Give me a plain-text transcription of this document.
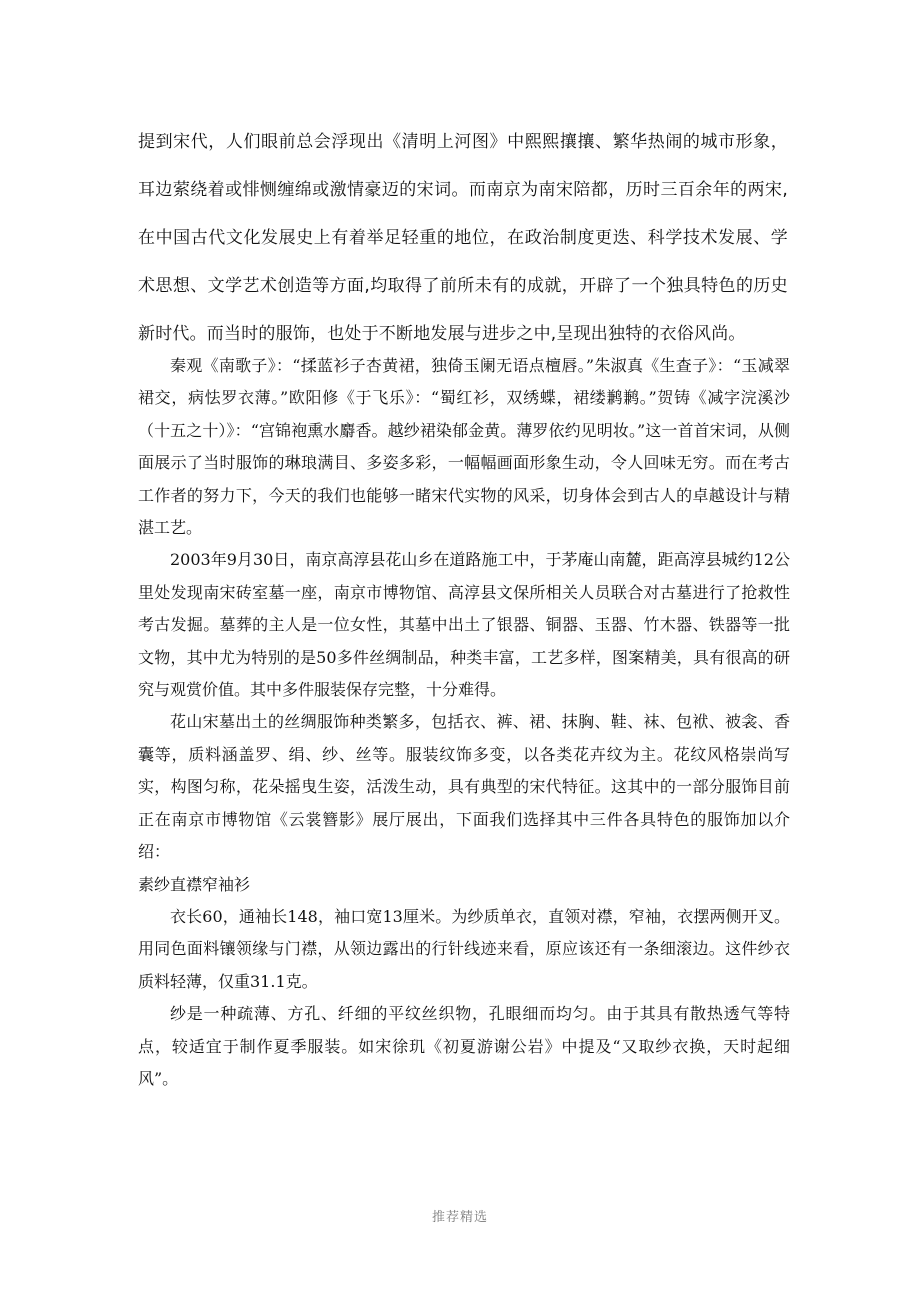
提到宋代，人们眼前总会浮现出《清明上河图》中熙熙攘攘、繁华热闹的城市形象，耳边萦绕着或悱恻缠绵或激情豪迈的宋词。而南京为南宋陪都，历时三百余年的两宋,在中国古代文化发展史上有着举足轻重的地位，在政治制度更迭、科学技术发展、学术思想、文学艺术创造等方面,均取得了前所未有的成就，开辟了一个独具特色的历史新时代。而当时的服饰，也处于不断地发展与进步之中,呈现出独特的衣俗风尚。

秦观《南歌子》：“揉蓝衫子杏黄裙，独倚玉阑无语点檀唇。”朱淑真《生查子》：“玉减翠裙交，病怯罗衣薄。”欧阳修《于飞乐》：“蜀红衫，双绣蝶，裙缕鹣鹣。”贺铸《减字浣溪沙（十五之十）》：“宫锦袍熏水麝香。越纱裙染郁金黄。薄罗依约见明妆。”这一首首宋词，从侧面展示了当时服饰的琳琅满目、多姿多彩，一幅幅画面形象生动，令人回味无穷。而在考古工作者的努力下，今天的我们也能够一睹宋代实物的风采，切身体会到古人的卓越设计与精湛工艺。

2003年9月30日，南京高淳县花山乡在道路施工中，于茅庵山南麓，距高淳县城约12公里处发现南宋砖室墓一座，南京市博物馆、高淳县文保所相关人员联合对古墓进行了抢救性考古发掘。墓葬的主人是一位女性，其墓中出土了银器、铜器、玉器、竹木器、铁器等一批文物，其中尤为特别的是50多件丝绸制品，种类丰富，工艺多样，图案精美，具有很高的研究与观赏价值。其中多件服装保存完整，十分难得。

花山宋墓出土的丝绸服饰种类繁多，包括衣、裤、裙、抹胸、鞋、袜、包袱、被衾、香囊等，质料涵盖罗、绢、纱、丝等。服装纹饰多变，以各类花卉纹为主。花纹风格崇尚写实，构图匀称，花朵摇曳生姿，活泼生动，具有典型的宋代特征。这其中的一部分服饰目前正在南京市博物馆《云裳簪影》展厅展出，下面我们选择其中三件各具特色的服饰加以介绍：

素纱直襟窄袖衫

衣长60，通袖长148，袖口宽13厘米。为纱质单衣，直领对襟，窄袖，衣摆两侧开叉。用同色面料镶领缘与门襟，从领边露出的行针线迹来看，原应该还有一条细滚边。这件纱衣质料轻薄，仅重31.1克。

纱是一种疏薄、方孔、纤细的平纹丝织物，孔眼细而均匀。由于其具有散热透气等特点，较适宜于制作夏季服装。如宋徐玑《初夏游谢公岩》中提及“又取纱衣换，天时起细风”。

推荐精选
